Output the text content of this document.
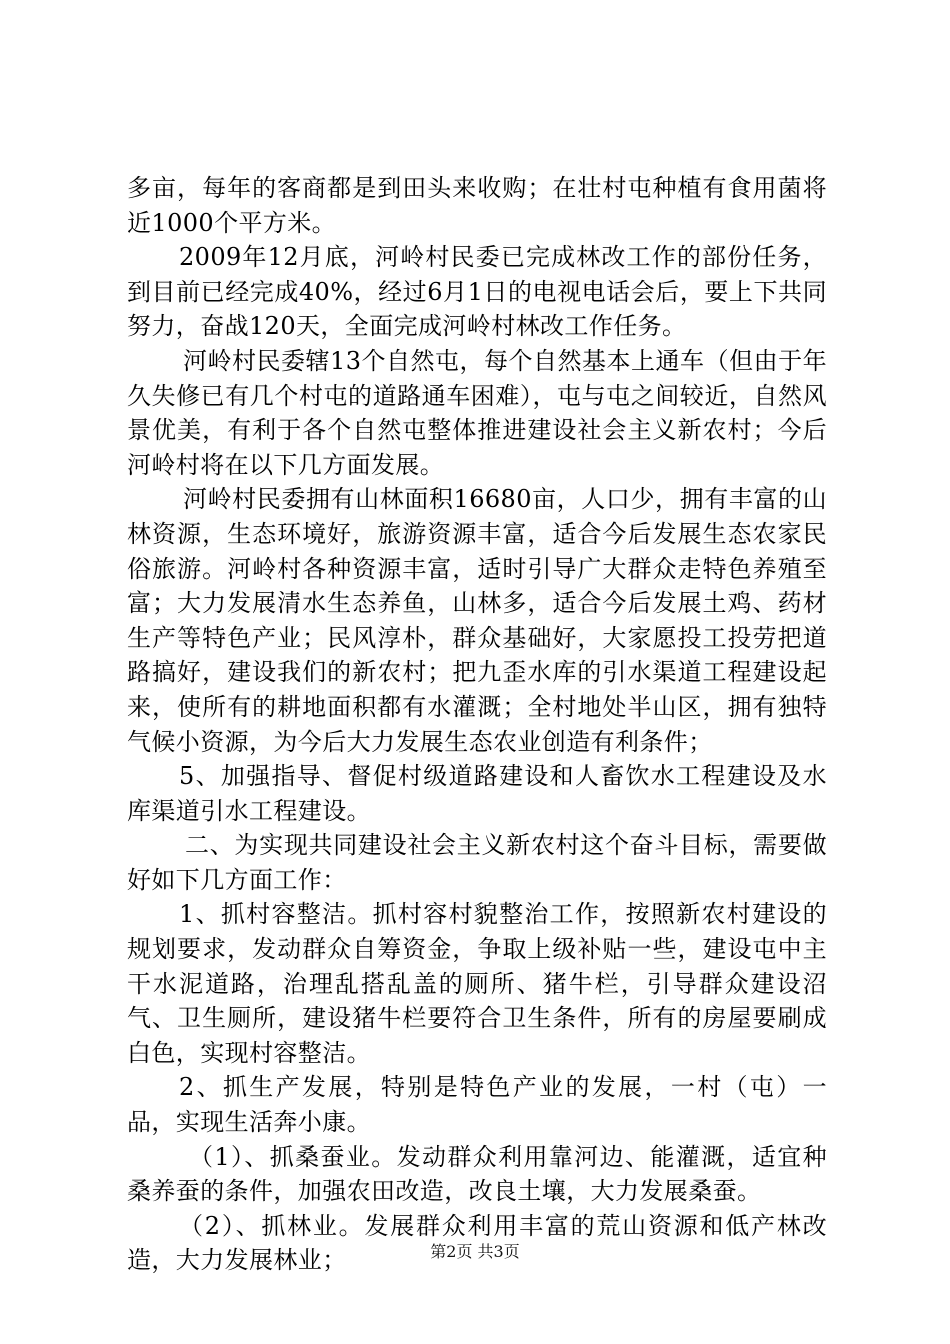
多亩，每年的客商都是到田头来收购；在壮村屯种植有食用菌将近1000个平方米。

2009年12月底，河岭村民委已完成林改工作的部份任务，到目前已经完成40%，经过6月1日的电视电话会后，要上下共同努力，奋战120天，全面完成河岭村林改工作任务。

河岭村民委辖13个自然屯，每个自然基本上通车（但由于年久失修已有几个村屯的道路通车困难），屯与屯之间较近，自然风景优美，有利于各个自然屯整体推进建设社会主义新农村；今后河岭村将在以下几方面发展。

河岭村民委拥有山林面积16680亩，人口少，拥有丰富的山林资源，生态环境好，旅游资源丰富，适合今后发展生态农家民俗旅游。河岭村各种资源丰富，适时引导广大群众走特色养殖至富；大力发展清水生态养鱼，山林多，适合今后发展土鸡、药材生产等特色产业；民风淳朴，群众基础好，大家愿投工投劳把道路搞好，建设我们的新农村；把九歪水库的引水渠道工程建设起来，使所有的耕地面积都有水灌溉；全村地处半山区，拥有独特气候小资源，为今后大力发展生态农业创造有利条件；

5、加强指导、督促村级道路建设和人畜饮水工程建设及水库渠道引水工程建设。

二、为实现共同建设社会主义新农村这个奋斗目标，需要做好如下几方面工作：

1、抓村容整洁。抓村容村貌整治工作，按照新农村建设的规划要求，发动群众自筹资金，争取上级补贴一些，建设屯中主干水泥道路，治理乱搭乱盖的厕所、猪牛栏，引导群众建设沼气、卫生厕所，建设猪牛栏要符合卫生条件，所有的房屋要刷成白色，实现村容整洁。

2、抓生产发展，特别是特色产业的发展，一村（屯）一品，实现生活奔小康。

（1）、抓桑蚕业。发动群众利用靠河边、能灌溉，适宜种桑养蚕的条件，加强农田改造，改良土壤，大力发展桑蚕。

（2）、抓林业。发展群众利用丰富的荒山资源和低产林改造，大力发展林业；	第2页 共3页
